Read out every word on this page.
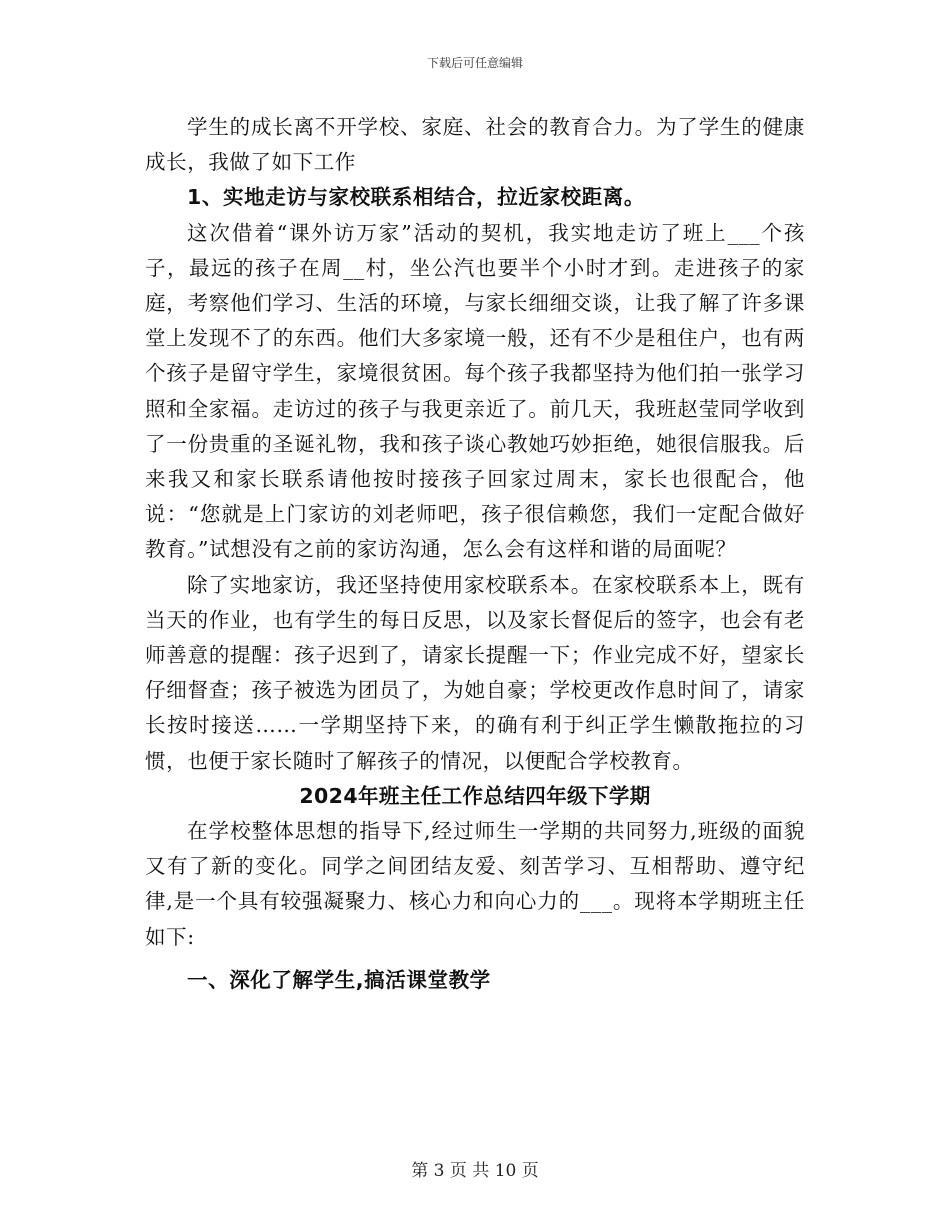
下载后可任意编辑

学生的成长离不开学校、家庭、社会的教育合力。为了学生的健康成长，我做了如下工作

1、实地走访与家校联系相结合，拉近家校距离。

这次借着“课外访万家”活动的契机，我实地走访了班上___个孩子，最远的孩子在周__村，坐公汽也要半个小时才到。走进孩子的家庭，考察他们学习、生活的环境，与家长细细交谈，让我了解了许多课堂上发现不了的东西。他们大多家境一般，还有不少是租住户，也有两个孩子是留守学生，家境很贫困。每个孩子我都坚持为他们拍一张学习照和全家福。走访过的孩子与我更亲近了。前几天，我班赵莹同学收到了一份贵重的圣诞礼物，我和孩子谈心教她巧妙拒绝，她很信服我。后来我又和家长联系请他按时接孩子回家过周末，家长也很配合，他说：“您就是上门家访的刘老师吧，孩子很信赖您，我们一定配合做好教育。”试想没有之前的家访沟通，怎么会有这样和谐的局面呢？

除了实地家访，我还坚持使用家校联系本。在家校联系本上，既有当天的作业，也有学生的每日反思，以及家长督促后的签字，也会有老师善意的提醒：孩子迟到了，请家长提醒一下；作业完成不好，望家长仔细督查；孩子被选为团员了，为她自豪；学校更改作息时间了，请家长按时接送……一学期坚持下来，的确有利于纠正学生懒散拖拉的习惯，也便于家长随时了解孩子的情况，以便配合学校教育。

2024年班主任工作总结四年级下学期

在学校整体思想的指导下,经过师生一学期的共同努力,班级的面貌又有了新的变化。同学之间团结友爱、刻苦学习、互相帮助、遵守纪律,是一个具有较强凝聚力、核心力和向心力的___。现将本学期班主任如下:

一、深化了解学生,搞活课堂教学

第 3 页 共 10 页
